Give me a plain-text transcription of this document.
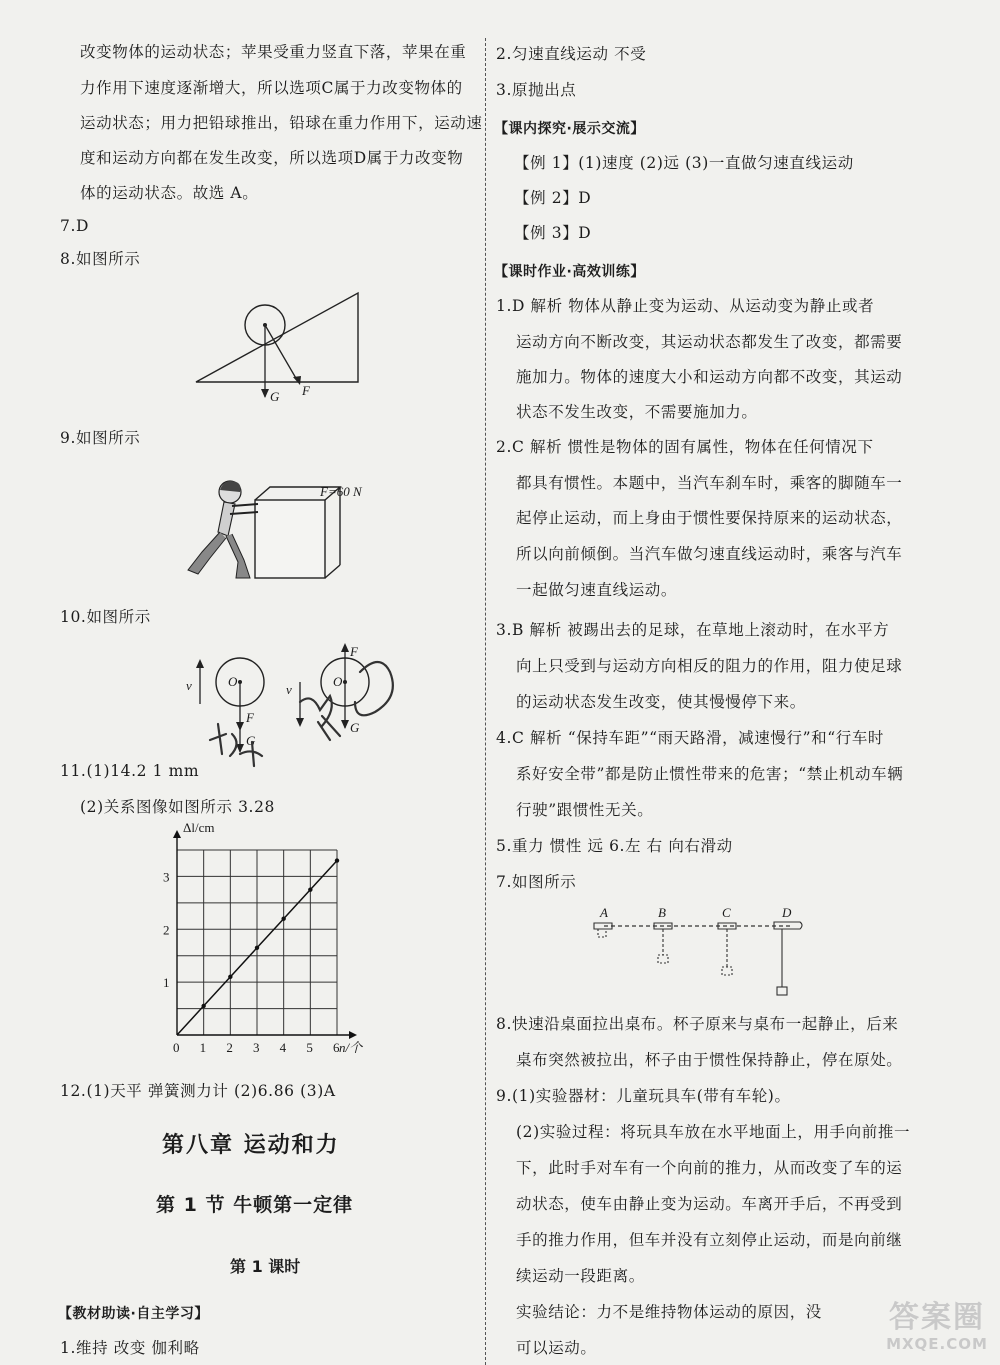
改变物体的运动状态；苹果受重力竖直下落，苹果在重
力作用下速度逐渐增大，所以选项C属于力改变物体的
运动状态；用力把铅球推出，铅球在重力作用下，运动速
度和运动方向都在发生改变，所以选项D属于力改变物
体的运动状态。故选 A。
7.D
8.如图所示
G F
9.如图所示
F=60 N
10.如图所示
v	O
F
G
v
O
F
G
11.(1)14.2 1 mm
(2)关系图像如图所示 3.28
0 1 2 3 4 5 6
1
2
3
n/个
Δl/cm
12.(1)天平 弹簧测力计 (2)6.86 (3)A
第八章 运动和力
第 1 节 牛顿第一定律
第 1 课时
【教材助读·自主学习】
1.维持 改变 伽利略
2.匀速直线运动 不受
3.原抛出点
【课内探究·展示交流】
【例 1】(1)速度 (2)远 (3)一直做匀速直线运动
【例 2】D
【例 3】D
【课时作业·高效训练】
1.D 解析 物体从静止变为运动、从运动变为静止或者
运动方向不断改变，其运动状态都发生了改变，都需要
施加力。物体的速度大小和运动方向都不改变，其运动
状态不发生改变，不需要施加力。
2.C 解析 惯性是物体的固有属性，物体在任何情况下
都具有惯性。本题中，当汽车刹车时，乘客的脚随车一
起停止运动，而上身由于惯性要保持原来的运动状态，
所以向前倾倒。当汽车做匀速直线运动时，乘客与汽车
一起做匀速直线运动。
3.B 解析 被踢出去的足球，在草地上滚动时，在水平方
向上只受到与运动方向相反的阻力的作用，阻力使足球
的运动状态发生改变，使其慢慢停下来。
4.C 解析 “保持车距”“雨天路滑，减速慢行”和“行车时
系好安全带”都是防止惯性带来的危害；“禁止机动车辆
行驶”跟惯性无关。
5.重力 惯性 远 6.左 右 向右滑动
7.如图所示
A	B	C	D
8.快速沿桌面拉出桌布。杯子原来与桌布一起静止，后来
桌布突然被拉出，杯子由于惯性保持静止，停在原处。
9.(1)实验器材：儿童玩具车(带有车轮)。
(2)实验过程：将玩具车放在水平地面上，用手向前推一
下，此时手对车有一个向前的推力，从而改变了车的运
动状态，使车由静止变为运动。车离开手后，不再受到
手的推力作用，但车并没有立刻停止运动，而是向前继
续运动一段距离。
实验结论：力不是维持物体运动的原因，没
可以运动。
答案圈
MXQE.COM
